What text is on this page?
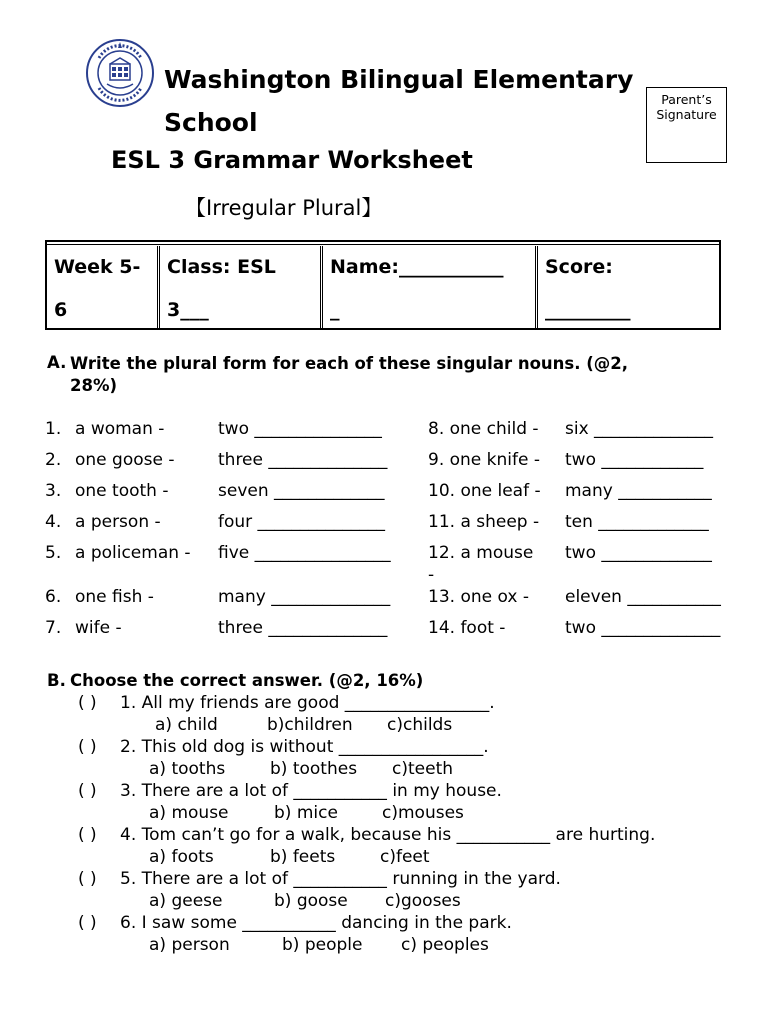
Washington Bilingual Elementary
School
ESL 3 Grammar Worksheet
【Irregular Plural】
Parent’s
Signature
Week 5-
6
Class: ESL
3___
Name:___________
_
Score:
_________
A. Write the plural form for each of these singular nouns. (@2,
28%)
1. a woman -	two _______________
2. one goose -	three ______________
3. one tooth -	seven _____________
4. a person -	four _______________
5. a policeman - five ________________
6. one fish -	many ______________
7. wife -	three ______________
8. one child - six ______________
9. one knife - two ____________
10. one leaf - many ___________
11. a sheep - ten _____________
12. a mouse two _____________
-
13. one ox - eleven ___________
14. foot -	two ______________
B. Choose the correct answer. (@2, 16%)
( ) 1. All my friends are good _________________.
a) child	b)children c)childs
( ) 2. This old dog is without _________________.
a) tooths	b) toothes c)teeth
( ) 3. There are a lot of ___________ in my house.
a) mouse	b) mice	c)mouses
( ) 4. Tom can’t go for a walk, because his ___________ are hurting.
a) foots	b) feets	c)feet
( ) 5. There are a lot of ___________ running in the yard.
a) geese	b) goose c)gooses
( ) 6. I saw some ___________ dancing in the park.
a) person	b) people c) peoples
